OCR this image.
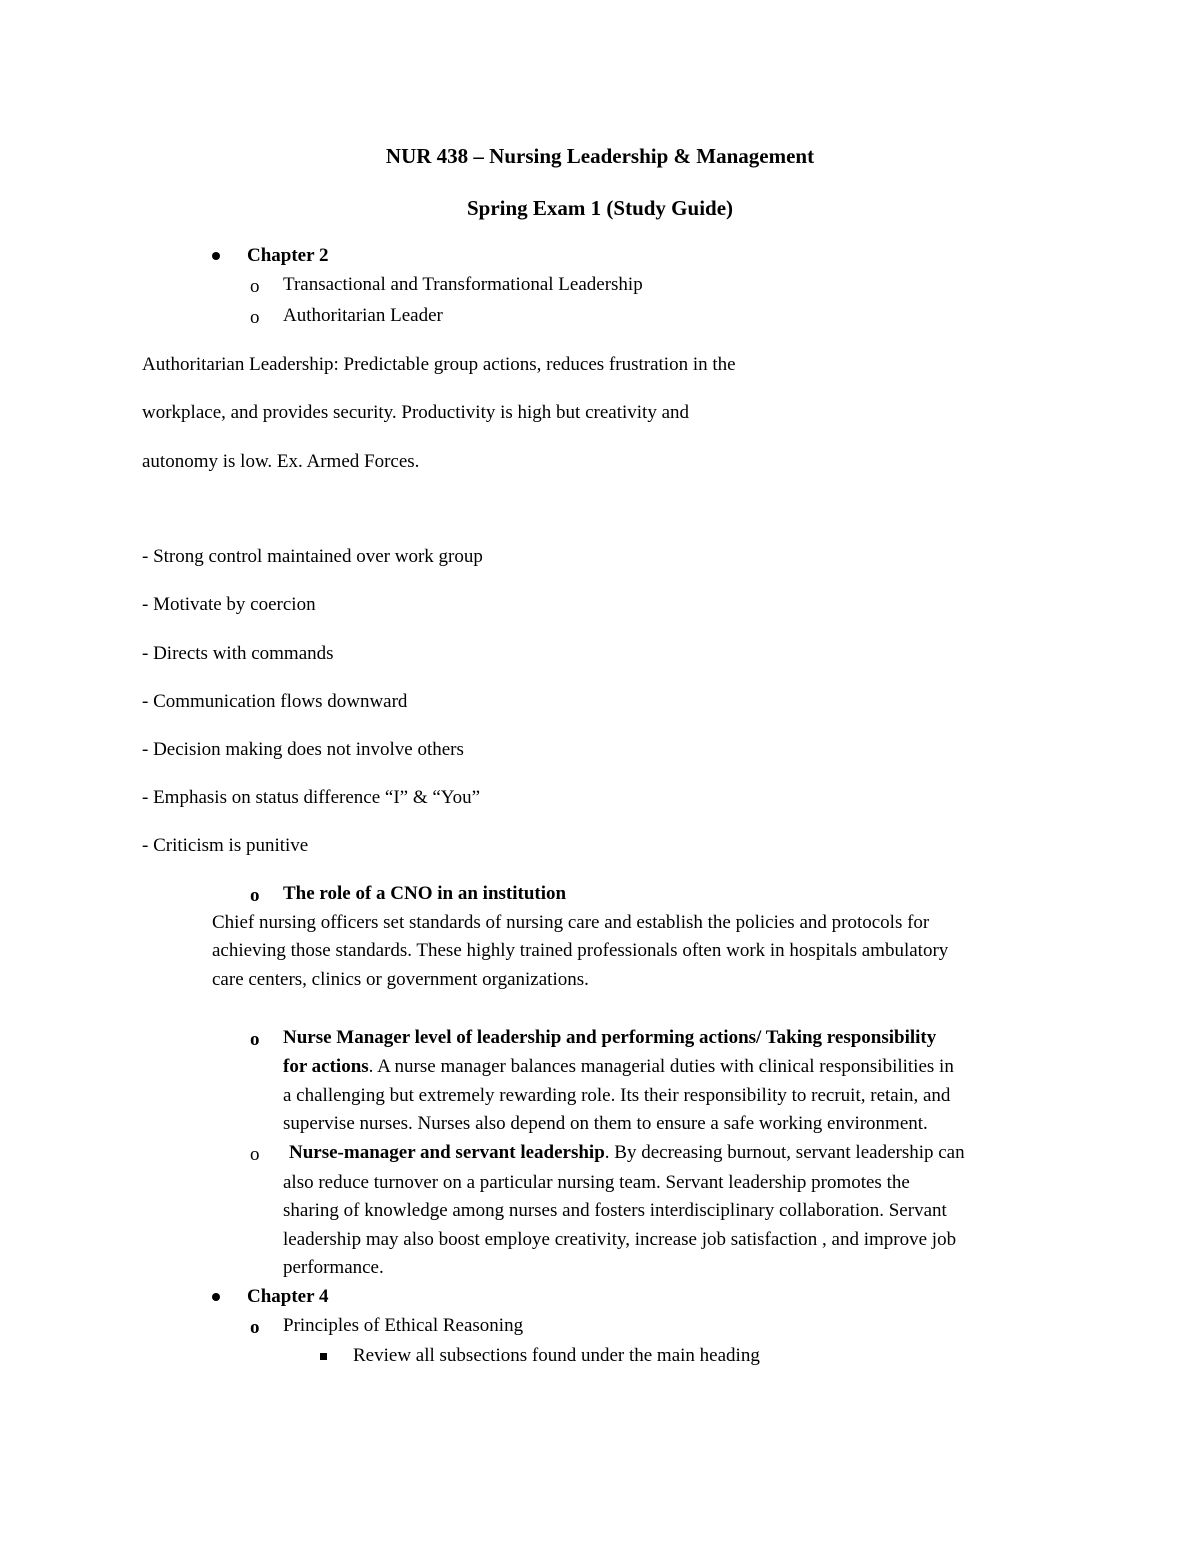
NUR 438 – Nursing Leadership & Management
Spring Exam 1 (Study Guide)
Chapter 2
o Transactional and Transformational Leadership
o Authoritarian Leader
Authoritarian Leadership: Predictable group actions, reduces frustration in the
workplace, and provides security. Productivity is high but creativity and
autonomy is low. Ex. Armed Forces.
- Strong control maintained over work group
- Motivate by coercion
- Directs with commands
- Communication flows downward
- Decision making does not involve others
- Emphasis on status difference “I” & “You”
- Criticism is punitive
o The role of a CNO in an institution
Chief nursing officers set standards of nursing care and establish the policies and protocols for
achieving those standards. These highly trained professionals often work in hospitals ambulatory
care centers, clinics or government organizations.
o Nurse Manager level of leadership and performing actions/ Taking responsibility
for actions. A nurse manager balances managerial duties with clinical responsibilities in
a challenging but extremely rewarding role. Its their responsibility to recruit, retain, and
supervise nurses. Nurses also depend on them to ensure a safe working environment.
o Nurse-manager and servant leadership. By decreasing burnout, servant leadership can
also reduce turnover on a particular nursing team. Servant leadership promotes the
sharing of knowledge among nurses and fosters interdisciplinary collaboration. Servant
leadership may also boost employe creativity, increase job satisfaction , and improve job
performance.
Chapter 4
o Principles of Ethical Reasoning
Review all subsections found under the main heading
